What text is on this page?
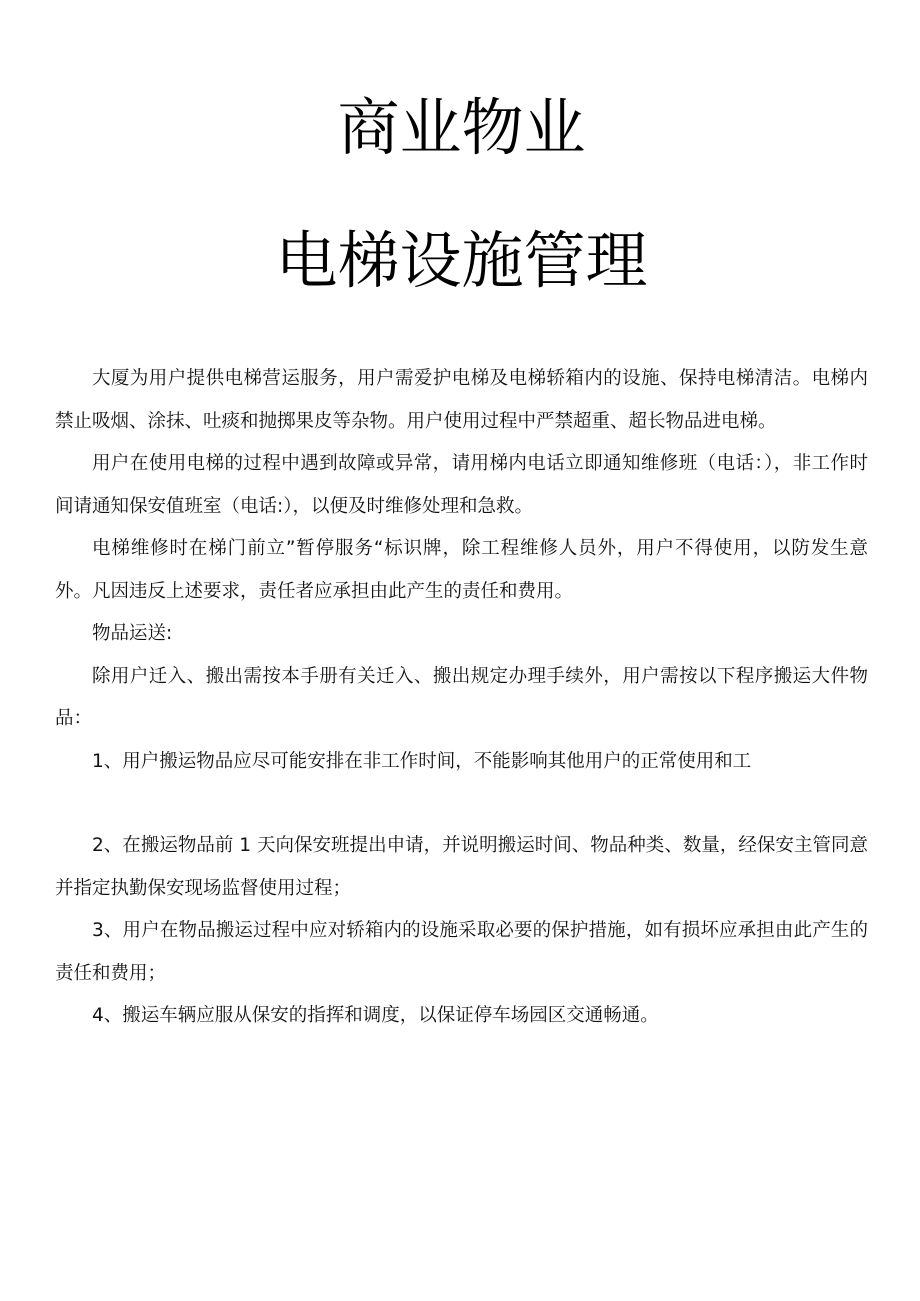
商业物业
电梯设施管理

大厦为用户提供电梯营运服务，用户需爱护电梯及电梯轿箱内的设施、保持电梯清洁。电梯内禁止吸烟、涂抹、吐痰和抛掷果皮等杂物。用户使用过程中严禁超重、超长物品进电梯。

用户在使用电梯的过程中遇到故障或异常，请用梯内电话立即通知维修班（电话：），非工作时间请通知保安值班室（电话:），以便及时维修处理和急救。

电梯维修时在梯门前立”暂停服务“标识牌，除工程维修人员外，用户不得使用，以防发生意外。凡因违反上述要求，责任者应承担由此产生的责任和费用。

物品运送:

除用户迁入、搬出需按本手册有关迁入、搬出规定办理手续外，用户需按以下程序搬运大件物品：

1、用户搬运物品应尽可能安排在非工作时间，不能影响其他用户的正常使用和工

2、在搬运物品前 1 天向保安班提出申请，并说明搬运时间、物品种类、数量，经保安主管同意并指定执勤保安现场监督使用过程；

3、用户在物品搬运过程中应对轿箱内的设施采取必要的保护措施，如有损坏应承担由此产生的责任和费用；

4、搬运车辆应服从保安的指挥和调度，以保证停车场园区交通畅通。
